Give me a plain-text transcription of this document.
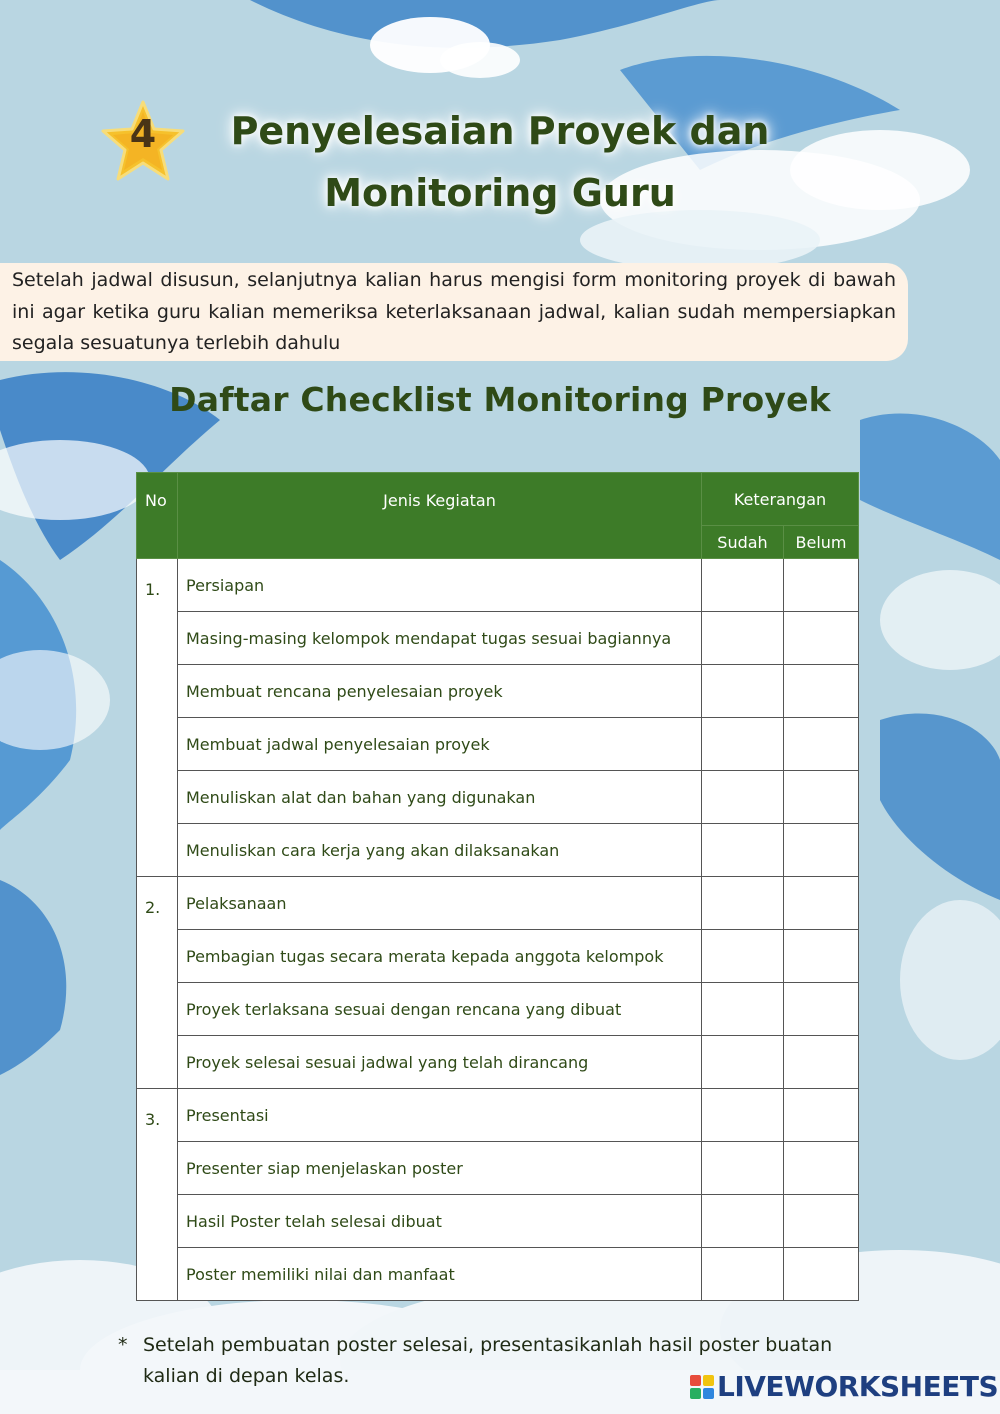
4	Penyelesaian Proyek dan
Monitoring Guru
Setelah jadwal disusun, selanjutnya kalian harus mengisi form monitoring proyek di bawah ini agar ketika guru kalian memeriksa keterlaksanaan jadwal, kalian sudah mempersiapkan segala sesuatunya terlebih dahulu
Daftar Checklist Monitoring Proyek
No	Jenis Kegiatan	Keterangan	
		Sudah	Belum
1.	Persiapan		
	Masing-masing kelompok mendapat tugas sesuai bagiannya		
	Membuat rencana penyelesaian proyek		
	Membuat jadwal penyelesaian proyek		
	Menuliskan alat dan bahan yang digunakan		
	Menuliskan cara kerja yang akan dilaksanakan		
2.	Pelaksanaan		
	Pembagian tugas secara merata kepada anggota kelompok		
	Proyek terlaksana sesuai dengan rencana yang dibuat		
	Proyek selesai sesuai jadwal yang telah dirancang		
3.	Presentasi		
	Presenter siap menjelaskan poster		
	Hasil Poster telah selesai dibuat		
	Poster memiliki nilai dan manfaat		
* Setelah pembuatan poster selesai, presentasikanlah hasil poster buatan kalian di depan kelas.	LIVEWORKSHEETS
